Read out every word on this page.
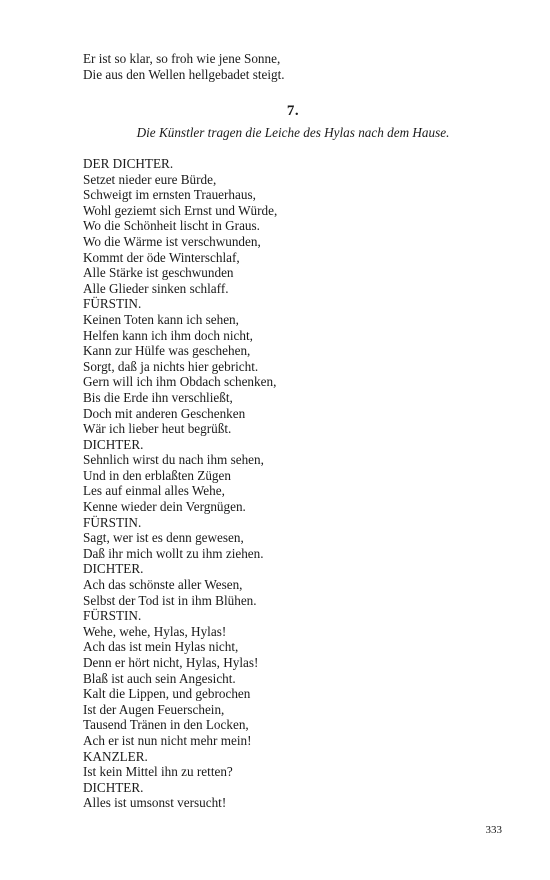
Er ist so klar, so froh wie jene Sonne,
Die aus den Wellen hellgebadet steigt.
7.
Die Künstler tragen die Leiche des Hylas nach dem Hause.
DER DICHTER.
Setzet nieder eure Bürde,
Schweigt im ernsten Trauerhaus,
Wohl geziemt sich Ernst und Würde,
Wo die Schönheit lischt in Graus.
Wo die Wärme ist verschwunden,
Kommt der öde Winterschlaf,
Alle Stärke ist geschwunden
Alle Glieder sinken schlaff.
FÜRSTIN.
Keinen Toten kann ich sehen,
Helfen kann ich ihm doch nicht,
Kann zur Hülfe was geschehen,
Sorgt, daß ja nichts hier gebricht.
Gern will ich ihm Obdach schenken,
Bis die Erde ihn verschließt,
Doch mit anderen Geschenken
Wär ich lieber heut begrüßt.
DICHTER.
Sehnlich wirst du nach ihm sehen,
Und in den erblaßten Zügen
Les auf einmal alles Wehe,
Kenne wieder dein Vergnügen.
FÜRSTIN.
Sagt, wer ist es denn gewesen,
Daß ihr mich wollt zu ihm ziehen.
DICHTER.
Ach das schönste aller Wesen,
Selbst der Tod ist in ihm Blühen.
FÜRSTIN.
Wehe, wehe, Hylas, Hylas!
Ach das ist mein Hylas nicht,
Denn er hört nicht, Hylas, Hylas!
Blaß ist auch sein Angesicht.
Kalt die Lippen, und gebrochen
Ist der Augen Feuerschein,
Tausend Tränen in den Locken,
Ach er ist nun nicht mehr mein!
KANZLER.
Ist kein Mittel ihn zu retten?
DICHTER.
Alles ist umsonst versucht!
333
